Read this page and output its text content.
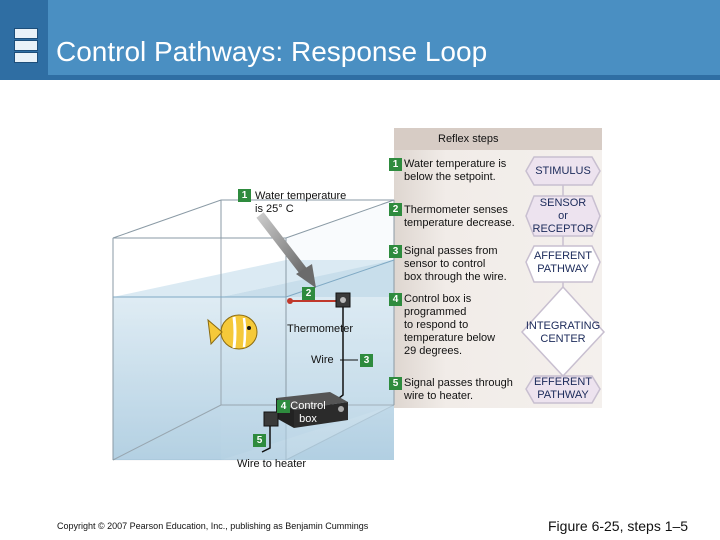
Control Pathways: Response Loop
Reflex steps
1 Water temperature is
below the setpoint.
2 Thermometer senses
temperature decrease.
3 Signal passes from
sensor to control
box through the wire.
4 Control box is
programmed
to respond to
temperature below
29 degrees.
5 Signal passes through
wire to heater.
STIMULUS
SENSOR
or
RECEPTOR
AFFERENT
PATHWAY
INTEGRATING
CENTER
EFFERENT
PATHWAY
1 Water temperature
is 25° C
2
Thermometer
Wire	3
4 Control
box
5
Wire to heater
Copyright © 2007 Pearson Education, Inc., publishing as Benjamin Cummings	Figure 6-25, steps 1–5
